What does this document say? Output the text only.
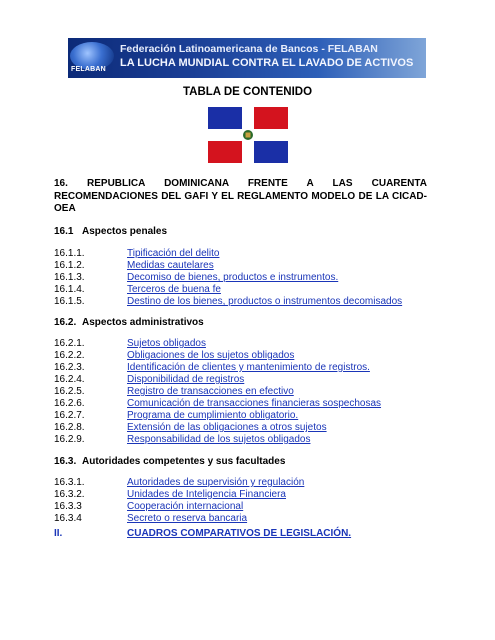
FELABAN
Federación Latinoamericana de Bancos - FELABAN
LA LUCHA MUNDIAL CONTRA EL LAVADO DE ACTIVOS
TABLA DE CONTENIDO
16. REPUBLICA DOMINICANA FRENTE A LAS CUARENTA RECOMENDACIONES DEL GAFI Y EL REGLAMENTO MODELO DE LA CICAD-OEA
16.1 Aspectos penales
16.1.1.	Tipificación del delito
16.1.2.	Medidas cautelares
16.1.3.	Decomiso de bienes, productos e instrumentos.
16.1.4.	Terceros de buena fe
16.1.5.	Destino de los bienes, productos o instrumentos decomisados
16.2. Aspectos administrativos
16.2.1.	Sujetos obligados
16.2.2.	Obligaciones de los sujetos obligados
16.2.3.	Identificación de clientes y mantenimiento de registros.
16.2.4.	Disponibilidad de registros
16.2.5.	Registro de transacciones en efectivo
16.2.6.	Comunicación de transacciones financieras sospechosas
16.2.7.	Programa de cumplimiento obligatorio.
16.2.8.	Extensión de las obligaciones a otros sujetos
16.2.9.	Responsabilidad de los sujetos obligados
16.3. Autoridades competentes y sus facultades
16.3.1.	Autoridades de supervisión y regulación
16.3.2.	Unidades de Inteligencia Financiera
16.3.3	Cooperación internacional
16.3.4	Secreto o reserva bancaria
II.	CUADROS COMPARATIVOS DE LEGISLACIÓN.
